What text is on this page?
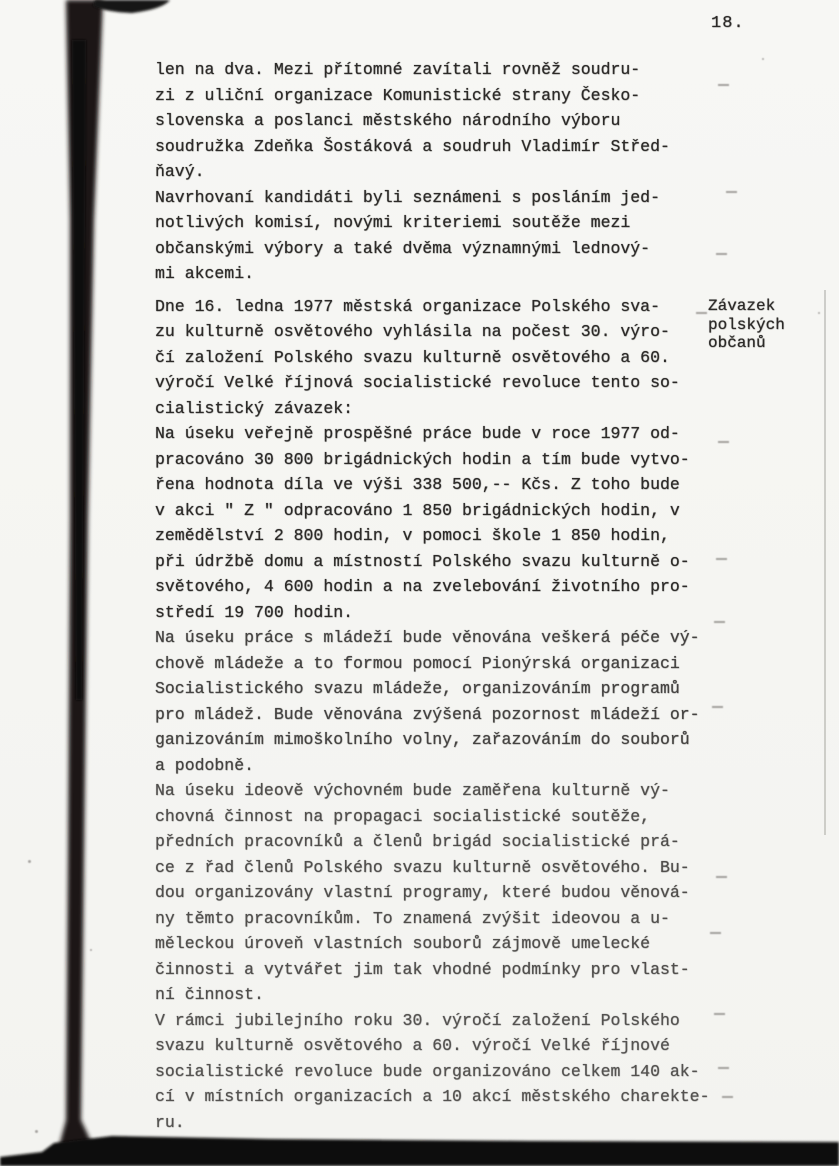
18.
len na dva. Mezi přítomné zavítali rovněž soudru-
zi z uliční organizace Komunistické strany Česko-
slovenska a poslanci městského národního výboru
soudružka Zdeňka Šostáková a soudruh Vladimír Střed-
ňavý.
Navrhovaní kandidáti byli seznámeni s posláním jed-
notlivých komisí, novými kriteriemi soutěže mezi
občanskými výbory a také dvěma významnými lednový-
mi akcemi.
Dne 16. ledna 1977 městská organizace Polského sva-
zu kulturně osvětového vyhlásila na počest 30. výro-
čí založení Polského svazu kulturně osvětového a 60.
výročí Velké říjnová socialistické revoluce tento so-
cialistický závazek:
Na úseku veřejně prospěšné práce bude v roce 1977 od-
pracováno 30 800 brigádnických hodin a tím bude vytvo-
řena hodnota díla ve výši 338 500,-- Kčs. Z toho bude
v akci " Z " odpracováno 1 850 brigádnických hodin, v
zemědělství 2 800 hodin, v pomoci škole 1 850 hodin,
při údržbě domu a místností Polského svazu kulturně o-
světového, 4 600 hodin a na zvelebování životního pro-
středí 19 700 hodin.
Na úseku práce s mládeží bude věnována veškerá péče vý-
chově mládeže a to formou pomocí Pionýrská organizaci
Socialistického svazu mládeže, organizováním programů
pro mládež. Bude věnována zvýšená pozornost mládeží or-
ganizováním mimoškolního volny, zařazováním do souborů
a podobně.
Na úseku ideově výchovném bude zaměřena kulturně vý-
chovná činnost na propagaci socialistické soutěže,
předních pracovníků a členů brigád socialistické prá-
ce z řad členů Polského svazu kulturně osvětového. Bu-
dou organizovány vlastní programy, které budou věnová-
ny těmto pracovníkům. To znamená zvýšit ideovou a u-
měleckou úroveň vlastních souborů zájmově umelecké
činnosti a vytvářet jim tak vhodné podmínky pro vlast-
ní činnost.
V rámci jubilejního roku 30. výročí založení Polského
svazu kulturně osvětového a 60. výročí Velké říjnové
socialistické revoluce bude organizováno celkem 140 ak-
cí v místních organizacích a 10 akcí městského charekte-
ru.
Závazek
polských
občanů
